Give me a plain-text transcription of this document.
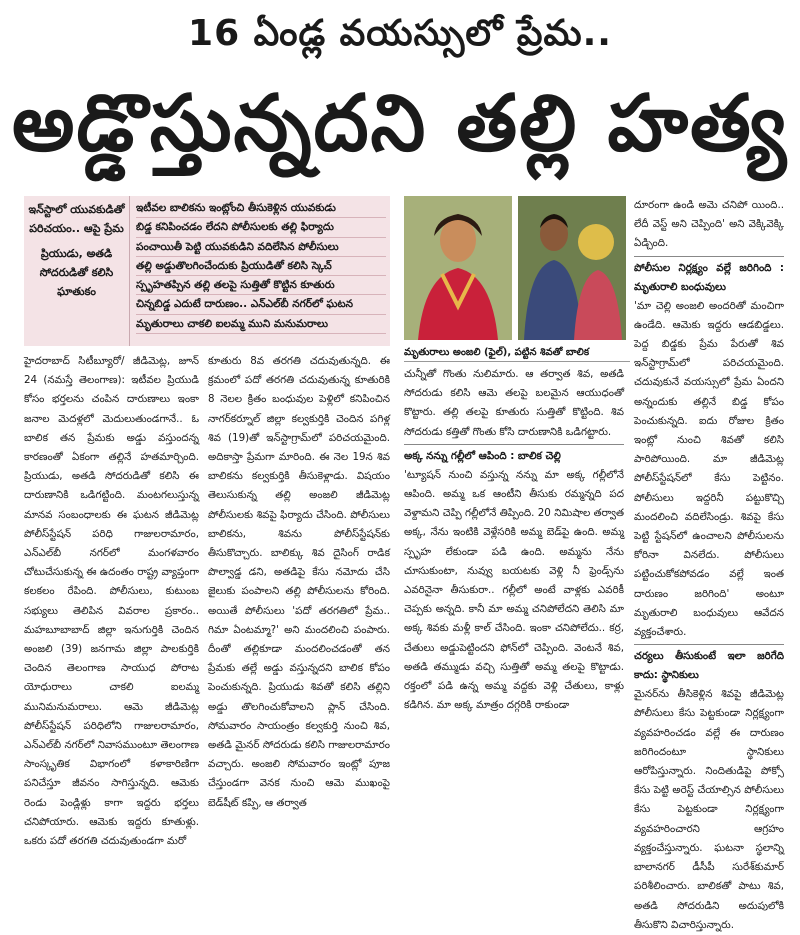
16 ఏండ్ల వయస్సులో ప్రేమ..
అడ్డొస్తున్నదని తల్లి హత్య
ఇన్‌స్టాలో యువకుడితో పరిచయం.. ఆపై ప్రేమ
ప్రియుడు, అతడి సోదరుడితో కలిసి ఘాతుకం
ఇటీవల బాలికను ఇంట్లోంచి తీసుకెళ్లిన యువకుడు
బిడ్డ కనిపించడం లేదని పోలీసులకు తల్లి ఫిర్యాదు
పంచాయితీ పెట్టి యువకుడిని వదిలేసిన పోలీసులు
తల్లి అడ్డుతొలగించేందుకు ప్రియుడితో కలిసి స్కెచ్
స్పృహతప్పిన తల్లి తలపై సుత్తితో కొట్టిన కూతురు
చిన్నబిడ్డ ఎదుటే దారుణం.. ఎన్‌ఎల్‌బీ నగర్‌లో ఘటన
మృతురాలు చాకలి ఐలమ్మ ముని మనుమరాలు
మృతురాలు అంజలి (ఫైల్), పట్టిన శివతో బాలిక

హైదరాబాద్‌ సిటీబ్యూరో/ జీడిమెట్ల, జూన్‌ 24 (నమస్తే తెలంగాణ): ఇటీవల ప్రియుడి కోసం భర్తలను చంపిన దారుణాలు ఇంకా జనాల మెదళ్లలో మెదులుతుండగానే.. ఓ బాలిక తన ప్రేమకు అడ్డు వస్తుందన్న కారణంతో ఏకంగా తల్లినే హతమార్చింది. ప్రియుడు, అతడి సోదరుడితో కలిసి ఈ దారుణానికి ఒడిగట్టింది. మంటగలుస్తున్న మానవ సంబంధాలకు ఈ ఘటన జీడిమెట్ల పోలీస్‌స్టేషన్‌ పరిధి గాజులరామారం, ఎన్‌ఎల్‌బీ నగర్‌లో మంగళవారం చోటుచేసుకున్న ఈ ఉదంతం రాష్ట్ర వ్యాప్తంగా కలకలం రేపింది. పోలీసులు, కుటుంబ సభ్యులు తెలిపిన వివరాల ప్రకారం.. మహబూబాబాద్‌ జిల్లా ఇనుగుర్తికి చెందిన అంజలి (39) జనగామ జిల్లా పాలకుర్తికి చెందిన తెలంగాణ సాయుధ పోరాట యోధురాలు చాకలి ఐలమ్మ మునిమనుమరాలు. ఆమె జీడిమెట్ల పోలీస్‌స్టేషన్‌ పరిధిలోని గాజులరామారం, ఎన్‌ఎల్‌బీ నగర్‌లో నివాసముంటూ తెలంగాణ సాంస్కృతిక విభాగంలో కళాకారిణిగా పనిచేస్తూ జీవనం సాగిస్తున్నది. ఆమెకు రెండు పెండ్లిళ్లు కాగా ఇద్దరు భర్తలు చనిపోయారు. ఆమెకు ఇద్దరు కూతుళ్లు. ఒకరు పదో తరగతి చదువుతుండగా మరో

కూతురు 8వ తరగతి చదువుతున్నది. ఈ క్రమంలో పదో తరగతి చదువుతున్న కూతురికి 8 నెలల క్రితం బంధువుల పెళ్లిలో కనిపించిన నాగర్‌కర్నూల్‌ జిల్లా కల్వకుర్తికి చెందిన పగిళ్ల శివ (19)తో ఇన్‌స్టాగ్రామ్‌లో పరిచయమైంది. అదికాస్తా ప్రేమగా మారింది. ఈ నెల 19న శివ బాలికను కల్వకుర్తికి తీసుకెళ్లాడు. విషయం తెలుసుకున్న తల్లి అంజలి జీడిమెట్ల పోలీసులకు శివపై ఫిర్యాదు చేసింది. పోలీసులు బాలికను, శివను పోలీస్‌స్టేషన్‌కు తీసుకొచ్చారు. బాలిక్కు శివ దైసింగ్‌ రాడిక పొల్వాడ్డ డని, అతడిపై కేసు నమోదు చేసి జైలుకు పంపాలని తల్లి పోలీసులను కోరింది. అయితే పోలీసులు 'పదో తరగతిలో ప్రేమ.. గిమా ఏంటమ్మా?' అని మందలించి పంపారు. దీంతో తల్లికూడా మందలించడంతో తన ప్రేమకు తల్లే అడ్డు వస్తున్నదని బాలిక కోపం పెంచుకున్నది. ప్రియుడు శివతో కలిసి తల్లిని అడ్డు తొలగించుకోవాలని ప్లాన్‌ చేసింది. సోమవారం సాయంత్రం కల్వకుర్తి నుంచి శివ, అతడి మైనర్‌ సోదరుడు కలిసి గాజులరామారం వచ్చారు. అంజలి సోమవారం ఇంట్లో పూజ చేస్తుండగా వెనక నుంచి ఆమె ముఖంపై బెడ్‌షీట్‌ కప్పి, ఆ తర్వాత

చున్నీతో గొంతు నులిమారు. ఆ తర్వాత శివ, అతడి సోదరుడు కలిసి ఆమె తలపై బలమైన ఆయుధంతో కొట్టారు. తల్లి తలపై కూతురు సుత్తితో కొట్టింది. శివ సోదరుడు కత్తితో గొంతు కోసి దారుణానికి ఒడిగట్టారు.

అక్క నన్ను గల్లీలో ఆపింది : బాలిక చెల్లి

'ట్యూషన్‌ నుంచి వస్తున్న నన్ను మా అక్క గల్లీలోనే ఆపింది. అమ్మ ఒక ఆంటీని తీసుకు రమ్మన్నది పద వెళ్దామని చెప్పి గల్లీలోనే తిప్పింది. 20 నిమిషాల తర్వాత అక్క, నేను ఇంటికి వెళ్లేసరికి అమ్మ బెడ్‌పై ఉంది. అమ్మ స్పృహ లేకుండా పడి ఉంది. అమ్మను నేను చూసుకుంటా, నువ్వు బయటకు వెళ్లి నీ ఫ్రెండ్స్‌ను ఎవరినైనా తీసుకురా.. గల్లీలో అంటే వాళ్లకు ఎవరికీ చెప్పకు అన్నది. కానీ మా అమ్మ చనిపోలేదని తెలిసి మా అక్క శివకు మళ్లీ కాల్‌ చేసింది. ఇంకా చనిపోలేదు.. కర్ర, చేతులు అడ్డుపెట్టిందని ఫోన్‌లో చెప్పింది. వెంటనే శివ, అతడి తమ్ముడు వచ్చి సుత్తితో అమ్మ తలపై కొట్టాడు. రక్తంలో పడి ఉన్న అమ్మ వద్దకు వెళ్లి చేతులు, కాళ్లు కడిగిన. మా అక్క మాత్రం దగ్గరికి రాకుండా

దూరంగా ఉండి అమె చనిపో యింది.. లేదీ వెస్ట్‌ అని చెప్పింది' అని వెక్కివెక్కి ఏడ్చింది.

పోలీసుల నిర్లక్ష్యం వల్లే జరిగింది : మృతురాలి బంధువులు

'మా చెల్లి అంజలి అందరితో మంచిగా ఉండేది. ఆమెకు ఇద్దరు ఆడబిడ్డలు. పెద్ద బిడ్డకు ప్రేమ పేరుతో శివ ఇన్‌స్టాగ్రామ్‌లో పరిచయమైంది. చదువుకునే వయస్సులో ప్రేమ ఏందని అన్నందుకు తల్లినే బిడ్డ కోపం పెంచుకున్నది. ఐదు రోజుల క్రితం ఇంట్లో నుంచి శివతో కలిసి పారిపోయింది. మా జీడిమెట్ల పోలీస్‌స్టేషన్‌లో కేసు పెట్టినం. పోలీసులు ఇద్దరినీ పట్టుకొచ్చి మందలించి వదిలేసిండ్రు. శివపై కేసు పెట్టి స్టేషన్‌లో ఉంచాలని పోలీసులను కోరినా వినలేదు. పోలీసులు పట్టించుకోకపోవడం వల్లే ఇంత దారుణం జరిగింది' అంటూ మృతురాలి బంధువులు ఆవేదన వ్యక్తంచేశారు.

చర్యలు తీసుకుంటే ఇలా జరిగేది కాదు: స్థానికులు

మైనర్‌ను తీసికెళ్లిన శివపై జీడిమెట్ల పోలీసులు కేసు పెట్టకుండా నిర్లక్ష్యంగా వ్యవహరించడం వల్లే ఈ దారుణం జరిగిందంటూ స్థానికులు ఆరోపిస్తున్నారు. నిందితుడిపై పోక్సో కేసు పెట్టి అరెస్ట్‌ చేయాల్సిన పోలీసులు కేసు పెట్టకుండా నిర్లక్ష్యంగా వ్యవహరించారని ఆగ్రహం వ్యక్తంచేస్తున్నారు. ఘటనా స్థలాన్ని బాలానగర్‌ డీసీపీ సురేశ్‌కుమార్‌ పరిశీలించారు. బాలికతో పాటు శివ, అతడి సోదరుడిని అదుపులోకి తీసుకొని విచారిస్తున్నారు.
